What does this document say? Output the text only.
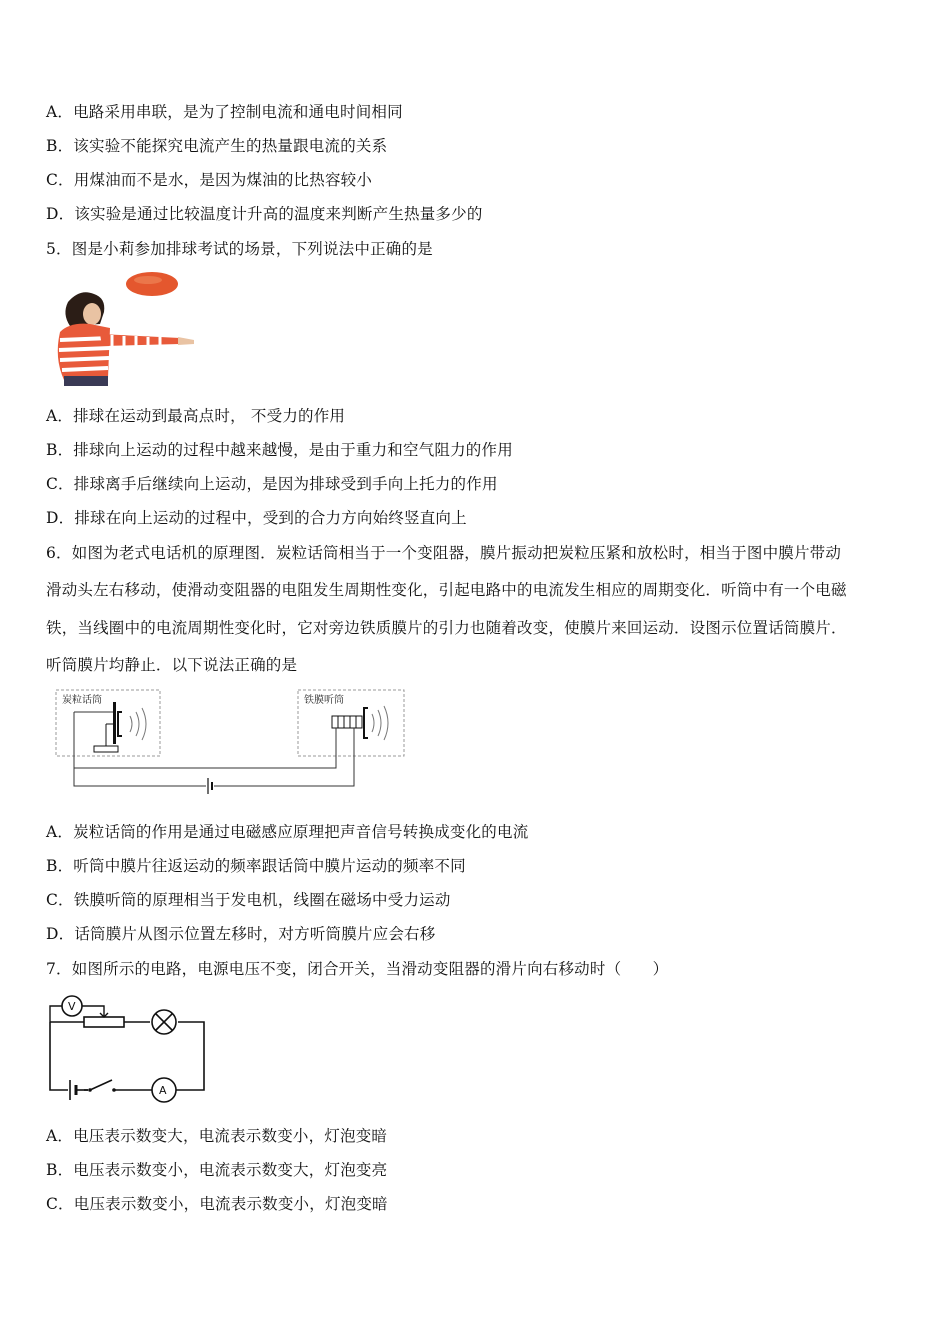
A．电路采用串联，是为了控制电流和通电时间相同
B．该实验不能探究电流产生的热量跟电流的关系
C．用煤油而不是水，是因为煤油的比热容较小
D．该实验是通过比较温度计升高的温度来判断产生热量多少的
5．图是小莉参加排球考试的场景，下列说法中正确的是
A．排球在运动到最高点时， 不受力的作用
B．排球向上运动的过程中越来越慢，是由于重力和空气阻力的作用
C．排球离手后继续向上运动，是因为排球受到手向上托力的作用
D．排球在向上运动的过程中，受到的合力方向始终竖直向上
6．如图为老式电话机的原理图．炭粒话筒相当于一个变阻器，膜片振动把炭粒压紧和放松时，相当于图中膜片带动
滑动头左右移动，使滑动变阻器的电阻发生周期性变化，引起电路中的电流发生相应的周期变化．听筒中有一个电磁
铁，当线圈中的电流周期性变化时，它对旁边铁质膜片的引力也随着改变，使膜片来回运动．设图示位置话筒膜片．
听筒膜片均静止．以下说法正确的是
炭粒话筒	铁膜听筒
A．炭粒话筒的作用是通过电磁感应原理把声音信号转换成变化的电流
B．听筒中膜片往返运动的频率跟话筒中膜片运动的频率不同
C．铁膜听筒的原理相当于发电机，线圈在磁场中受力运动
D．话筒膜片从图示位置左移时，对方听筒膜片应会右移
7．如图所示的电路，电源电压不变，闭合开关，当滑动变阻器的滑片向右移动时（　　）
V
A
A．电压表示数变大，电流表示数变小，灯泡变暗
B．电压表示数变小，电流表示数变大，灯泡变亮
C．电压表示数变小，电流表示数变小，灯泡变暗
